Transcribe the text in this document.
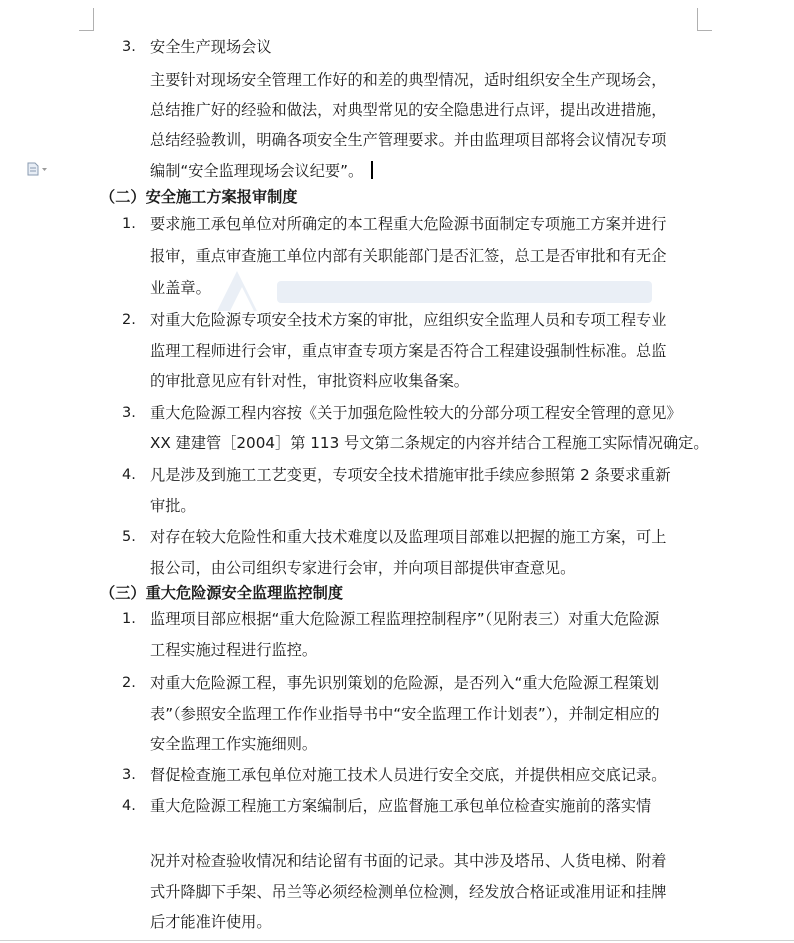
3. 安全生产现场会议
主要针对现场安全管理工作好的和差的典型情况，适时组织安全生产现场会，
总结推广好的经验和做法，对典型常见的安全隐患进行点评，提出改进措施，
总结经验教训，明确各项安全生产管理要求。并由监理项目部将会议情况专项
编制“安全监理现场会议纪要”。
（二）安全施工方案报审制度
1. 要求施工承包单位对所确定的本工程重大危险源书面制定专项施工方案并进行
报审，重点审查施工单位内部有关职能部门是否汇签，总工是否审批和有无企
业盖章。
2. 对重大危险源专项安全技术方案的审批，应组织安全监理人员和专项工程专业
监理工程师进行会审，重点审查专项方案是否符合工程建设强制性标准。总监
的审批意见应有针对性，审批资料应收集备案。
3. 重大危险源工程内容按《关于加强危险性较大的分部分项工程安全管理的意见》
XX 建建管［2004］第 113 号文第二条规定的内容并结合工程施工实际情况确定。
4. 凡是涉及到施工工艺变更，专项安全技术措施审批手续应参照第 2 条要求重新
审批。
5. 对存在较大危险性和重大技术难度以及监理项目部难以把握的施工方案，可上
报公司，由公司组织专家进行会审，并向项目部提供审查意见。
（三）重大危险源安全监理监控制度
1. 监理项目部应根据“重大危险源工程监理控制程序”（见附表三）对重大危险源
工程实施过程进行监控。
2. 对重大危险源工程，事先识别策划的危险源，是否列入“重大危险源工程策划
表”（参照安全监理工作作业指导书中“安全监理工作计划表”），并制定相应的
安全监理工作实施细则。
3. 督促检查施工承包单位对施工技术人员进行安全交底，并提供相应交底记录。
4. 重大危险源工程施工方案编制后，应监督施工承包单位检查实施前的落实情
况并对检查验收情况和结论留有书面的记录。其中涉及塔吊、人货电梯、附着
式升降脚下手架、吊兰等必须经检测单位检测，经发放合格证或准用证和挂牌
后才能准许使用。
